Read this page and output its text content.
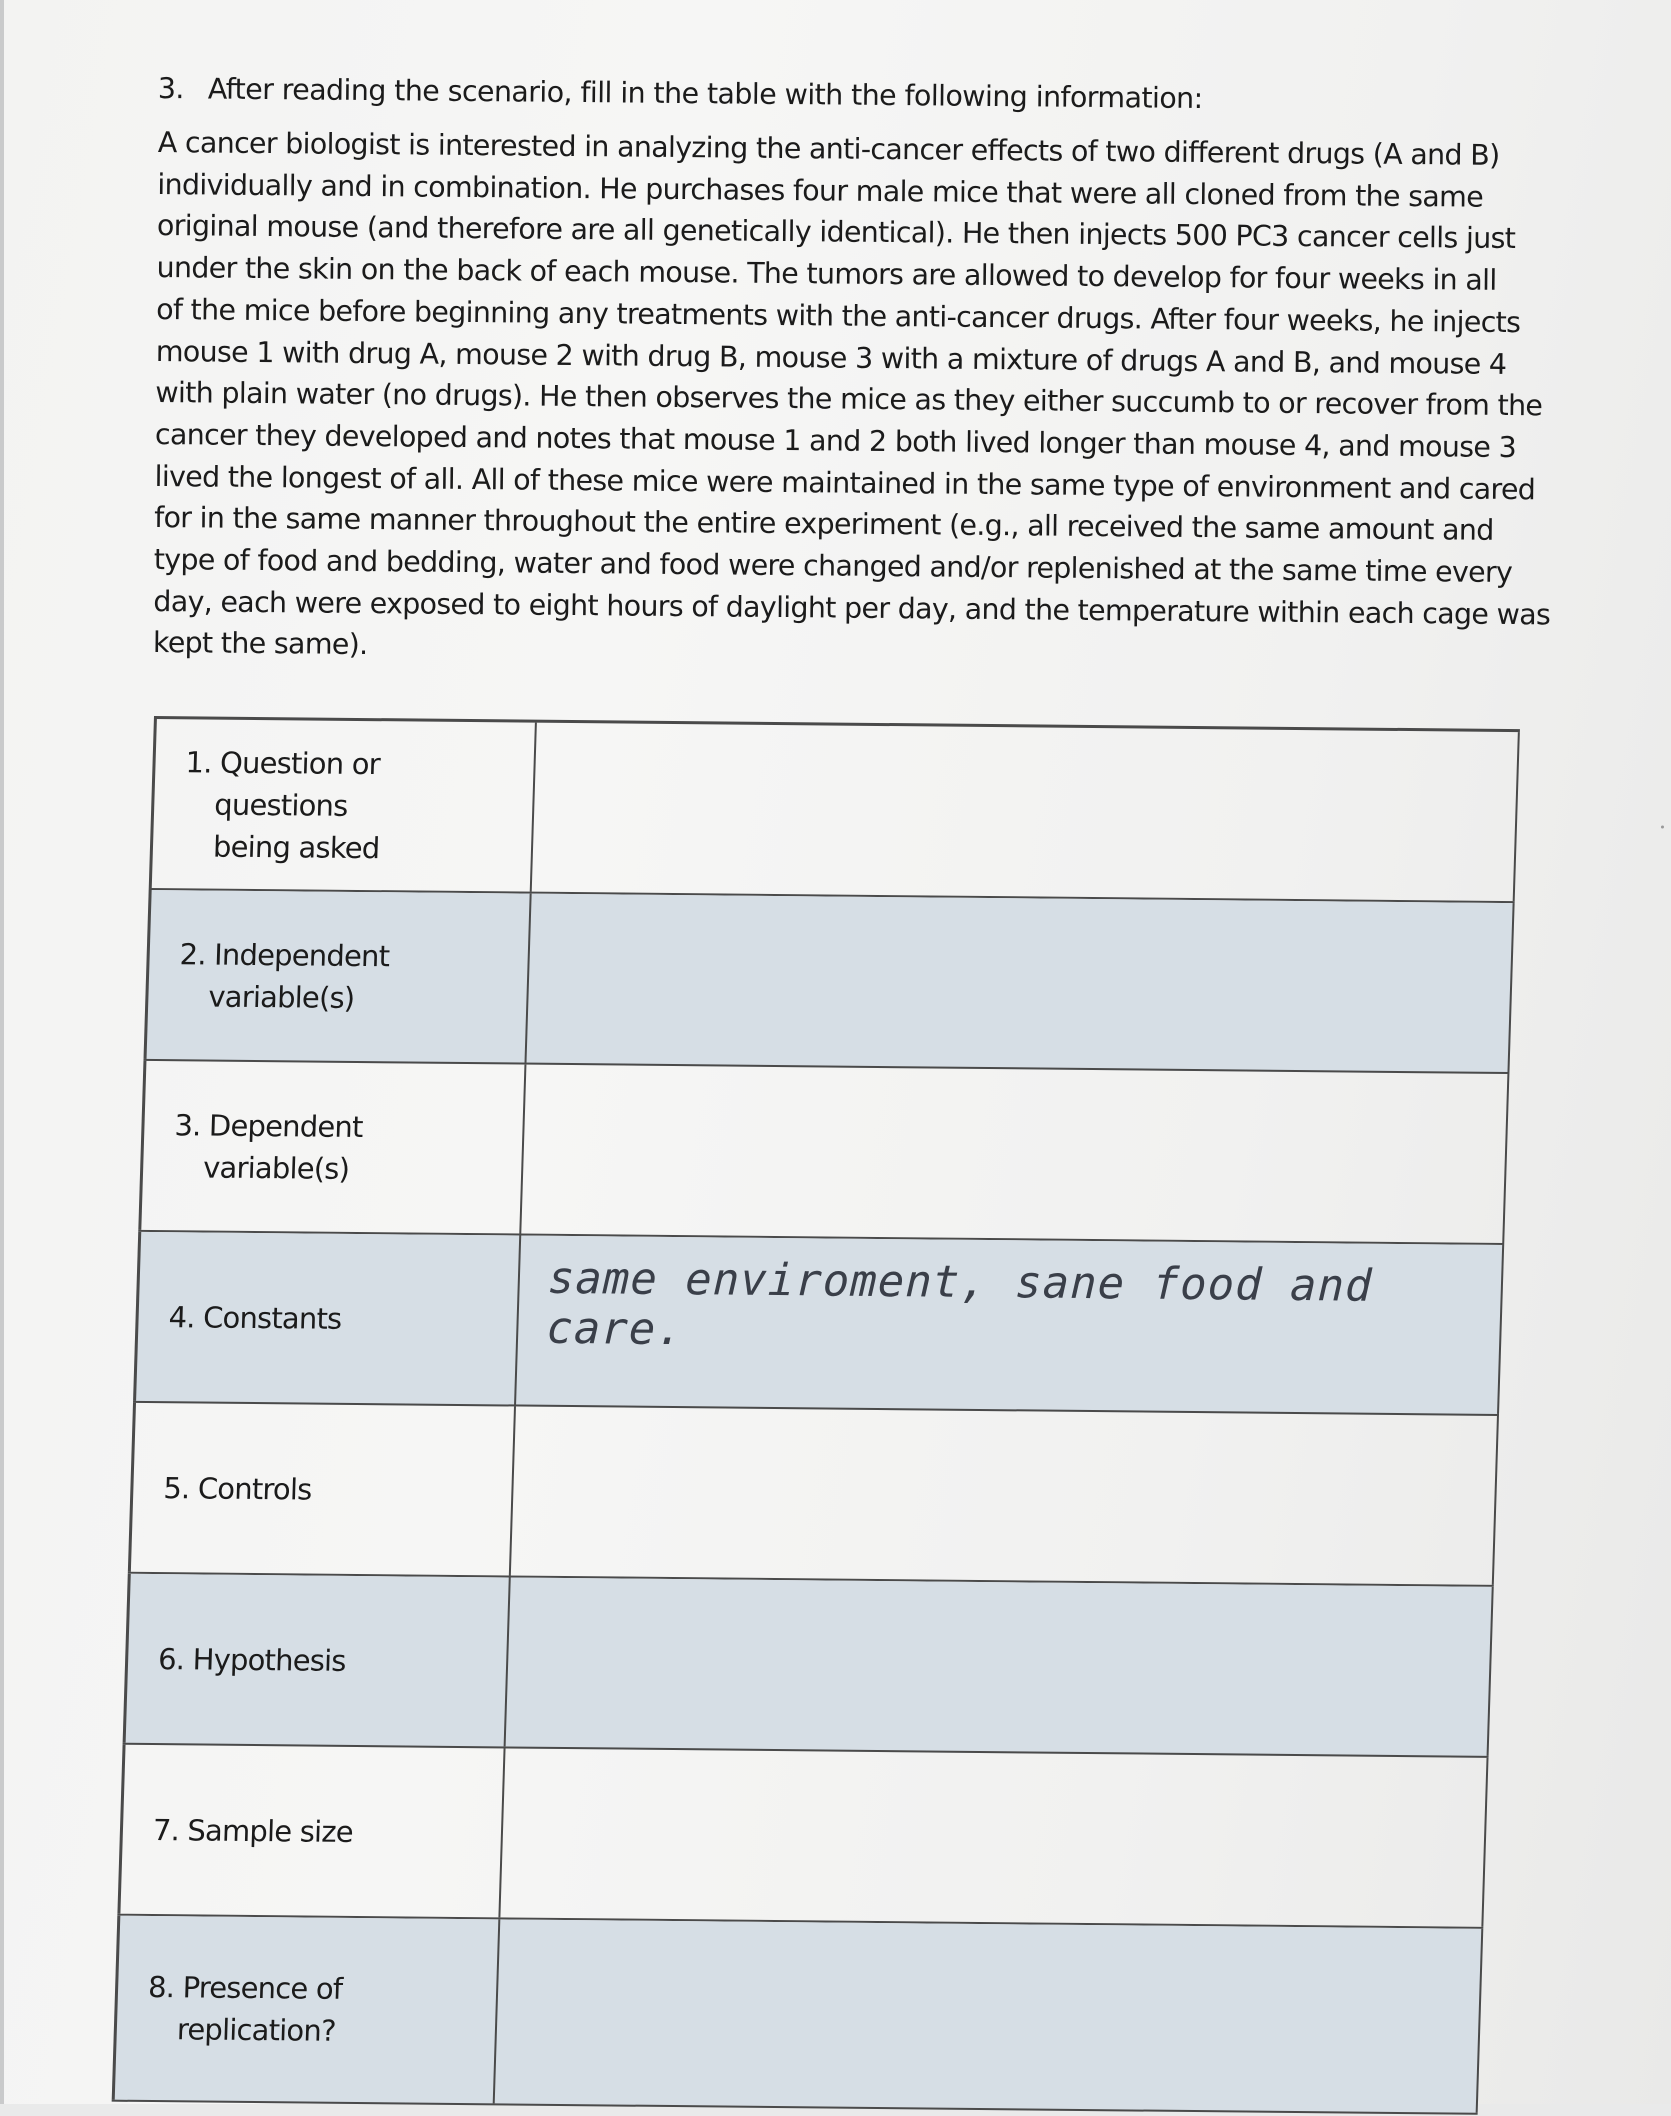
3. After reading the scenario, fill in the table with the following information:
A cancer biologist is interested in analyzing the anti-cancer effects of two different drugs (A and B)
individually and in combination. He purchases four male mice that were all cloned from the same
original mouse (and therefore are all genetically identical). He then injects 500 PC3 cancer cells just
under the skin on the back of each mouse. The tumors are allowed to develop for four weeks in all
of the mice before beginning any treatments with the anti-cancer drugs. After four weeks, he injects
mouse 1 with drug A, mouse 2 with drug B, mouse 3 with a mixture of drugs A and B, and mouse 4
with plain water (no drugs). He then observes the mice as they either succumb to or recover from the
cancer they developed and notes that mouse 1 and 2 both lived longer than mouse 4, and mouse 3
lived the longest of all. All of these mice were maintained in the same type of environment and cared
for in the same manner throughout the entire experiment (e.g., all received the same amount and
type of food and bedding, water and food were changed and/or replenished at the same time every
day, each were exposed to eight hours of daylight per day, and the temperature within each cage was
kept the same).
1. Question or questions being asked
2. Independent variable(s)
3. Dependent variable(s)
4. Constants
same enviroment, sane food and care.
5. Controls
6. Hypothesis
7. Sample size
8. Presence of replication?
